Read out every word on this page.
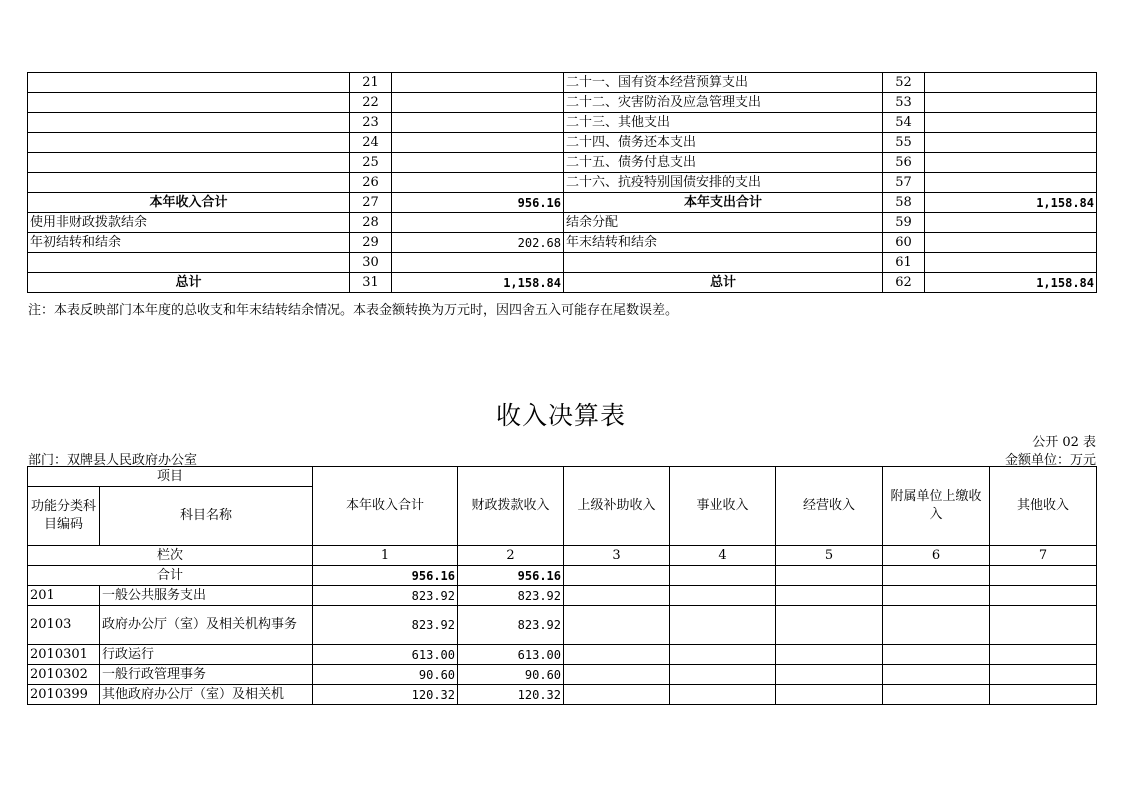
	21		二十一、国有资本经营预算支出	52	
	22		二十二、灾害防治及应急管理支出	53	
	23		二十三、其他支出	54	
	24		二十四、债务还本支出	55	
	25		二十五、债务付息支出	56	
	26		二十六、抗疫特别国债安排的支出	57	
本年收入合计	27	956.16	本年支出合计	58	1,158.84
使用非财政拨款结余	28		结余分配	59	
年初结转和结余	29	202.68	年末结转和结余	60	
	30			61	
总计	31	1,158.84	总计	62	1,158.84
注：本表反映部门本年度的总收支和年末结转结余情况。本表金额转换为万元时，因四舍五入可能存在尾数误差。
收入决算表
公开 02 表
部门：双牌县人民政府办公室	金额单位：万元
项目		本年收入合计	财政拨款收入	上级补助收入	事业收入	经营收入	附属单位上缴收入	其他收入
功能分类科目编码	科目名称							
栏次		1	2	3	4	5	6	7
合计		956.16	956.16					
201	一般公共服务支出	823.92	823.92					
20103	政府办公厅（室）及相关机构事务	823.92	823.92					
2010301	行政运行	613.00	613.00					
2010302	一般行政管理事务	90.60	90.60					
2010399	其他政府办公厅（室）及相关机	120.32	120.32					
